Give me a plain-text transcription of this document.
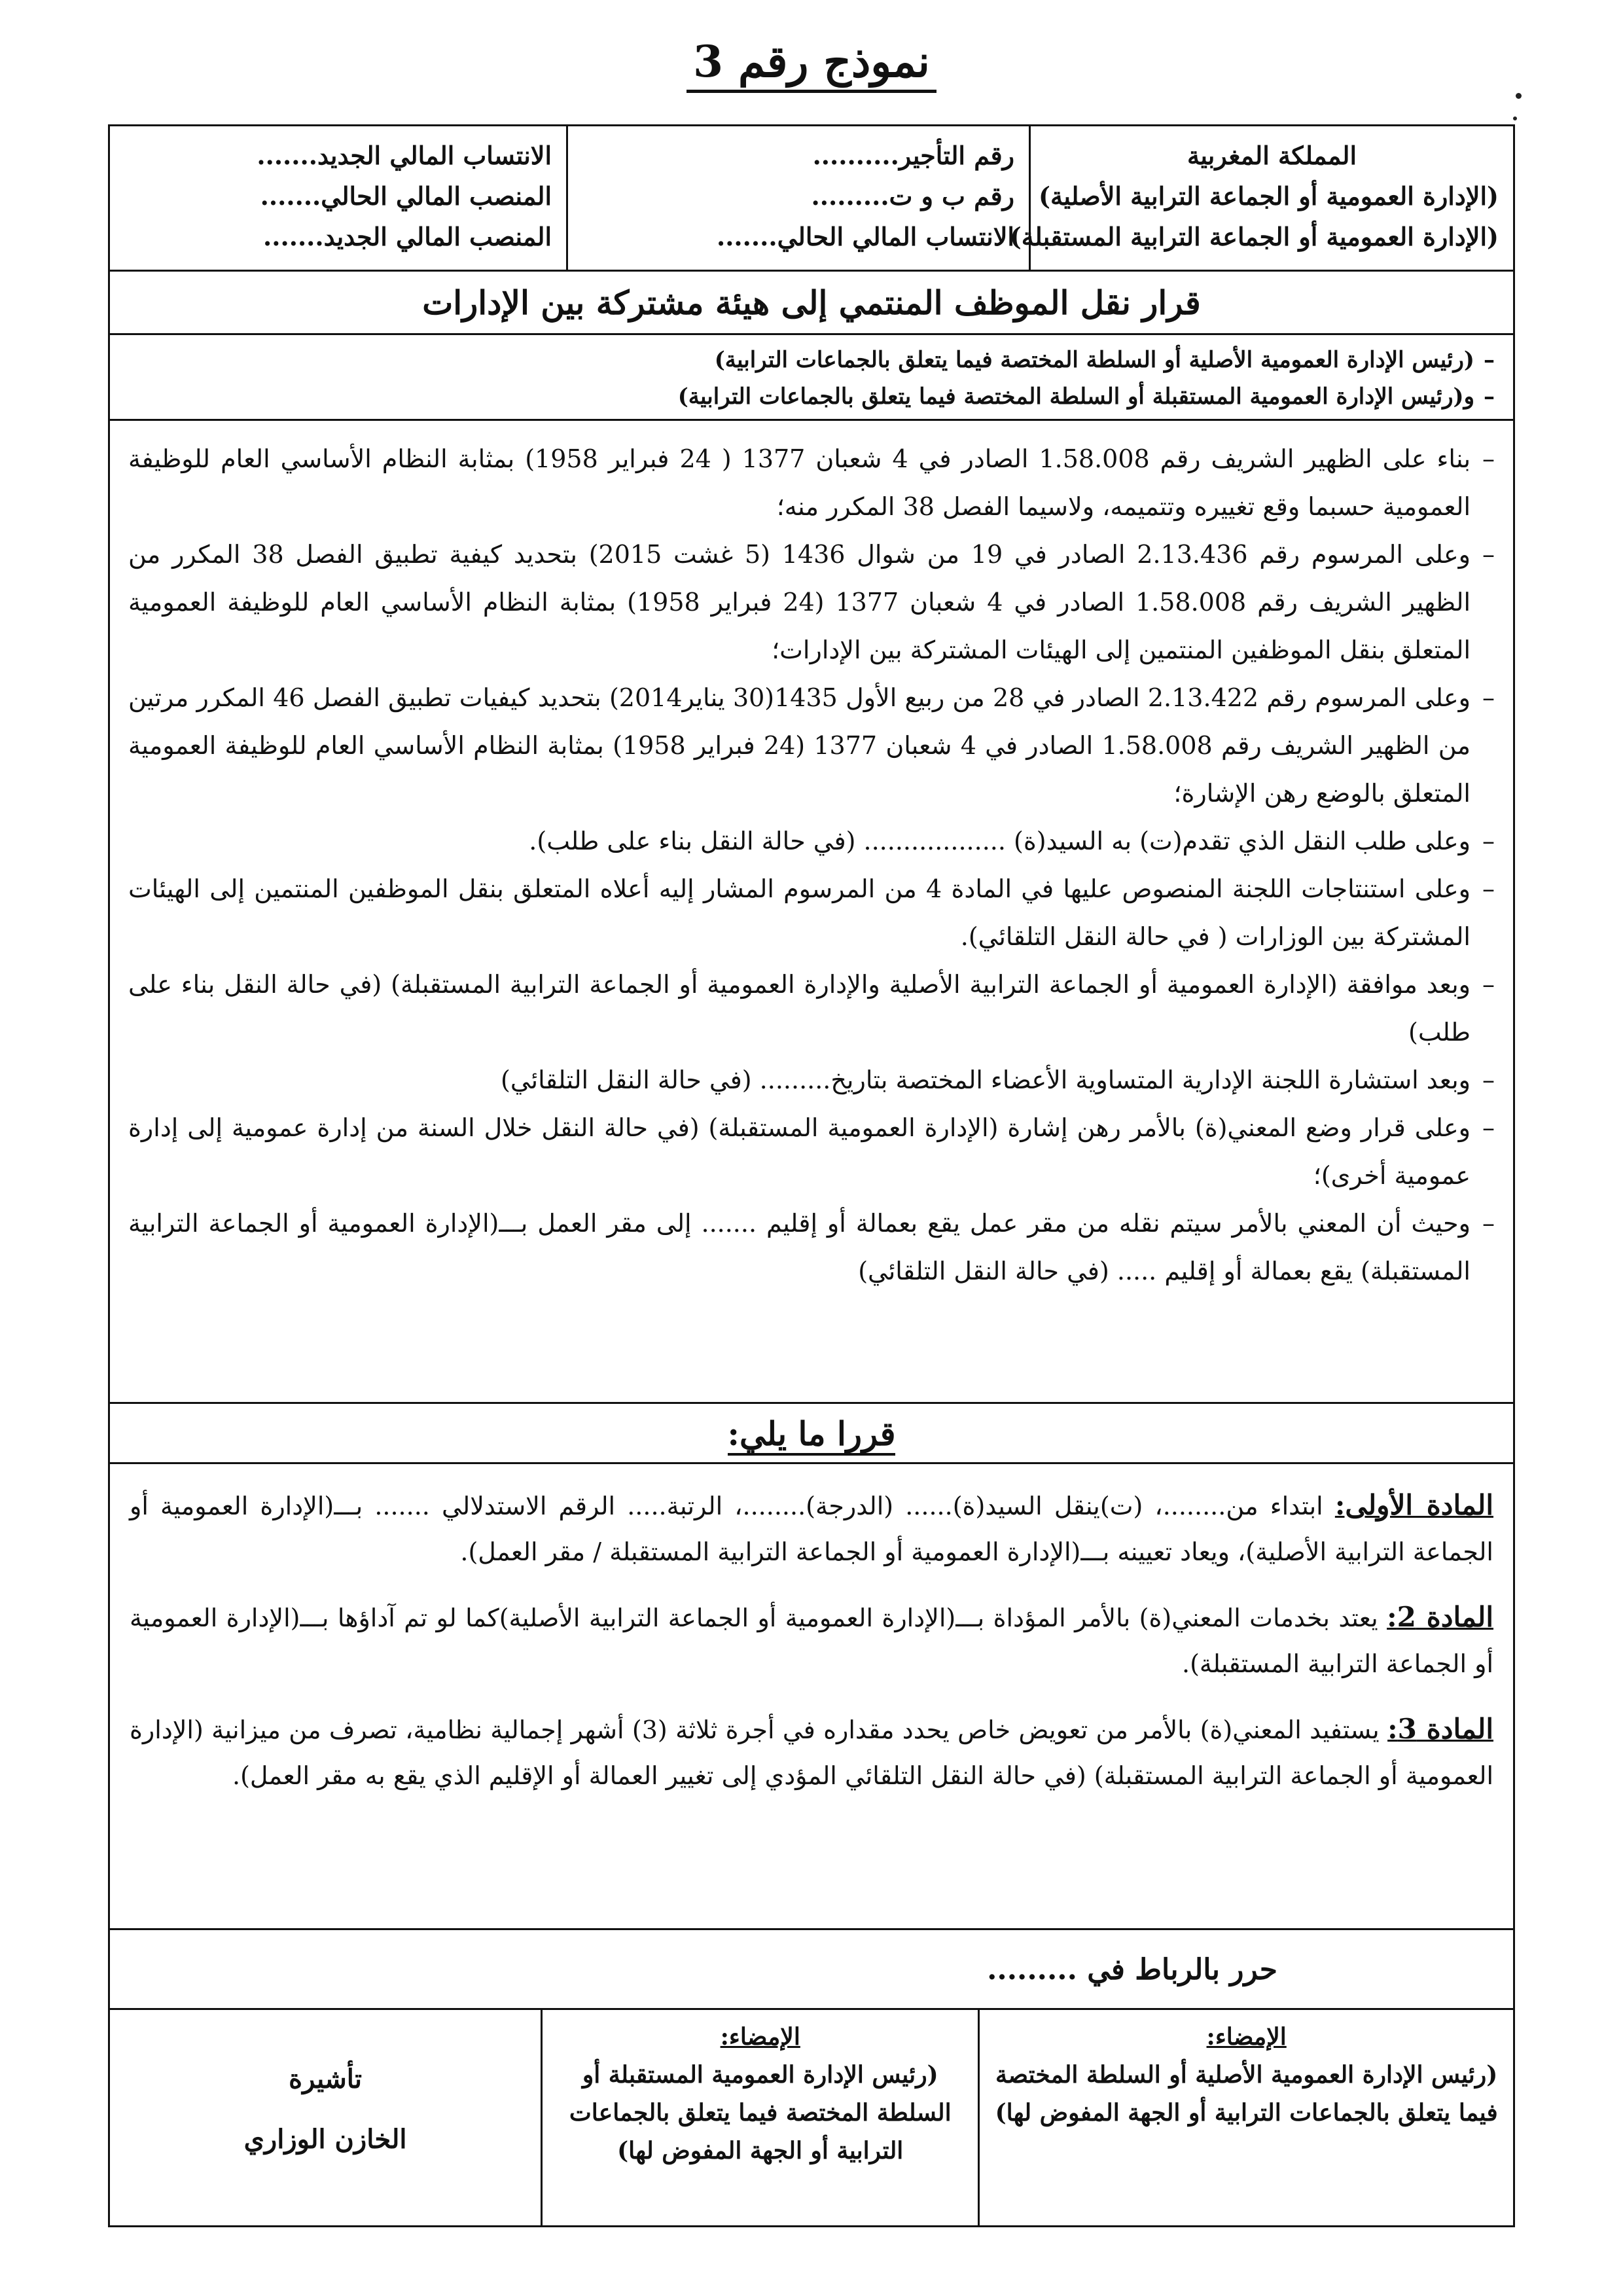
نموذج رقم 3
المملكة المغربية
(الإدارة العمومية أو الجماعة الترابية الأصلية)
(الإدارة العمومية أو الجماعة الترابية المستقبلة)
رقم التأجير..........
رقم ب و ت.........
الانتساب المالي الحالي.......
الانتساب المالي الجديد.......
المنصب المالي الحالي.......
المنصب المالي الجديد.......
قرار نقل الموظف المنتمي إلى هيئة مشتركة بين الإدارات
–
(رئيس الإدارة العمومية الأصلية أو السلطة المختصة فيما يتعلق بالجماعات الترابية)
–
و(رئيس الإدارة العمومية المستقبلة أو السلطة المختصة فيما يتعلق بالجماعات الترابية)
–
بناء على الظهير الشريف رقم 1.58.008 الصادر في 4 شعبان 1377 ( 24 فبراير 1958) بمثابة النظام الأساسي العام للوظيفة العمومية حسبما وقع تغييره وتتميمه، ولاسيما الفصل 38 المكرر منه؛
–
وعلى المرسوم رقم 2.13.436 الصادر في 19 من شوال 1436 (5 غشت 2015) بتحديد كيفية تطبيق الفصل 38 المكرر من الظهير الشريف رقم 1.58.008 الصادر في 4 شعبان 1377 (24 فبراير 1958) بمثابة النظام الأساسي العام للوظيفة العمومية المتعلق بنقل الموظفين المنتمين إلى الهيئات المشتركة بين الإدارات؛
–
وعلى المرسوم رقم 2.13.422 الصادر في 28 من ربيع الأول 1435(30 يناير2014) بتحديد كيفيات تطبيق الفصل 46 المكرر مرتين من الظهير الشريف رقم 1.58.008 الصادر في 4 شعبان 1377 (24 فبراير 1958) بمثابة النظام الأساسي العام للوظيفة العمومية المتعلق بالوضع رهن الإشارة؛
–
وعلى طلب النقل الذي تقدم(ت) به السيد(ة) .................. (في حالة النقل بناء على طلب).
–
وعلى استنتاجات اللجنة المنصوص عليها في المادة 4 من المرسوم المشار إليه أعلاه المتعلق بنقل الموظفين المنتمين إلى الهيئات المشتركة بين الوزارات ( في حالة النقل التلقائي).
–
وبعد موافقة (الإدارة العمومية أو الجماعة الترابية الأصلية والإدارة العمومية أو الجماعة الترابية المستقبلة) (في حالة النقل بناء على طلب)
–
وبعد استشارة اللجنة الإدارية المتساوية الأعضاء المختصة بتاريخ......... (في حالة النقل التلقائي)
–
وعلى قرار وضع المعني(ة) بالأمر رهن إشارة (الإدارة العمومية المستقبلة) (في حالة النقل خلال السنة من إدارة عمومية إلى إدارة عمومية أخرى)؛
–
وحيث أن المعني بالأمر سيتم نقله من مقر عمل يقع بعمالة أو إقليم ....... إلى مقر العمل بـــ(الإدارة العمومية أو الجماعة الترابية المستقبلة) يقع بعمالة أو إقليم ..... (في حالة النقل التلقائي)
قررا ما يلي:
المادة الأولى: ابتداء من........، (ت)ينقل السيد(ة)...... (الدرجة)........، الرتبة..... الرقم الاستدلالي ....... بـــ(الإدارة العمومية أو الجماعة الترابية الأصلية)، ويعاد تعيينه بـــ(الإدارة العمومية أو الجماعة الترابية المستقبلة / مقر العمل).
المادة 2: يعتد بخدمات المعني(ة) بالأمر المؤداة بـــ(الإدارة العمومية أو الجماعة الترابية الأصلية)كما لو تم آداؤها بـــ(الإدارة العمومية أو الجماعة الترابية المستقبلة).
المادة 3: يستفيد المعني(ة) بالأمر من تعويض خاص يحدد مقداره في أجرة ثلاثة (3) أشهر إجمالية نظامية، تصرف من ميزانية (الإدارة العمومية أو الجماعة الترابية المستقبلة) (في حالة النقل التلقائي المؤدي إلى تغيير العمالة أو الإقليم الذي يقع به مقر العمل).
حرر بالرباط في .........
الإمضاء:
(رئيس الإدارة العمومية الأصلية أو السلطة المختصة فيما يتعلق بالجماعات الترابية أو الجهة المفوض لها)
الإمضاء:
(رئيس الإدارة العمومية المستقبلة أو السلطة المختصة فيما يتعلق بالجماعات الترابية أو الجهة المفوض لها)
تأشيرة
الخازن الوزاري
